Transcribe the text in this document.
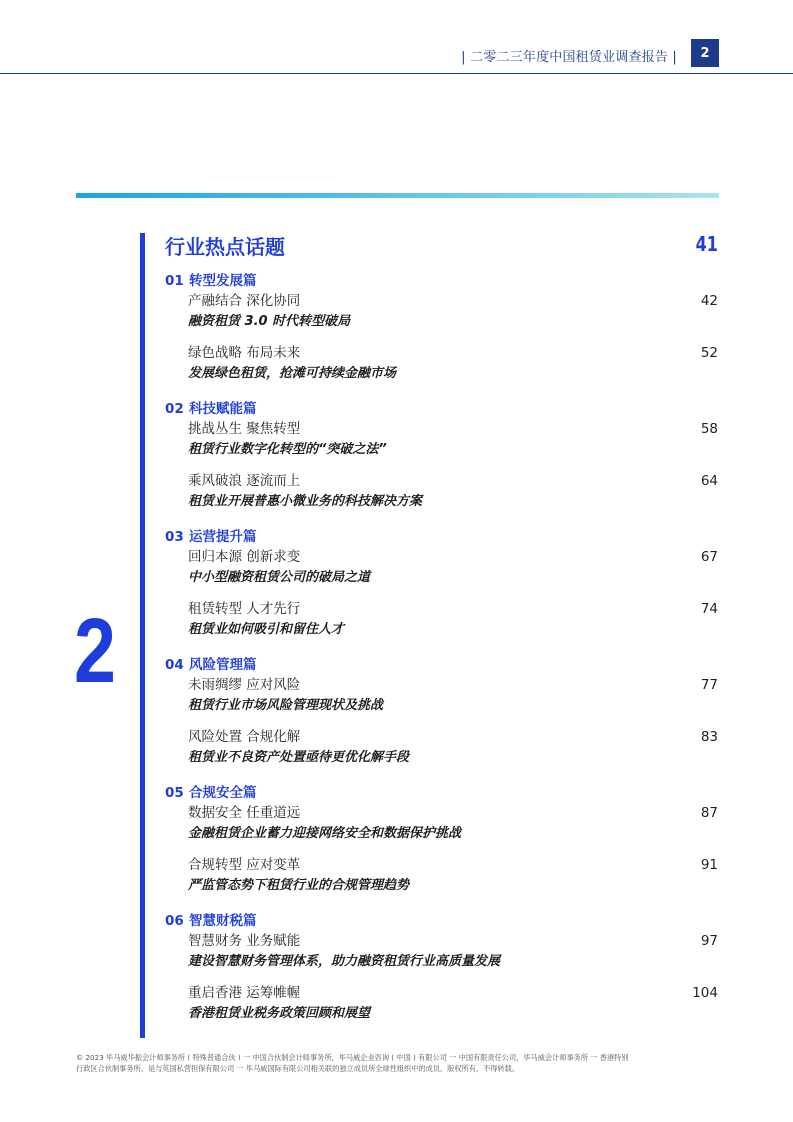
| 二零二三年度中国租赁业调查报告 |	2
2
行业热点话题	41
01 转型发展篇
产融结合 深化协同
融资租赁 3.0 时代转型破局
42
绿色战略 布局未来
发展绿色租赁，抢滩可持续金融市场
52
02 科技赋能篇
挑战丛生 聚焦转型
租赁行业数字化转型的“突破之法”
58
乘风破浪 逐流而上
租赁业开展普惠小微业务的科技解决方案
64
03 运营提升篇
回归本源 创新求变
中小型融资租赁公司的破局之道
67
租赁转型 人才先行
租赁业如何吸引和留住人才
74
04 风险管理篇
未雨绸缪 应对风险
租赁行业市场风险管理现状及挑战
77
风险处置 合规化解
租赁业不良资产处置亟待更优化解手段
83
05 合规安全篇
数据安全 任重道远
金融租赁企业蓄力迎接网络安全和数据保护挑战
87
合规转型 应对变革
严监管态势下租赁行业的合规管理趋势
91
06 智慧财税篇
智慧财务 业务赋能
建设智慧财务管理体系，助力融资租赁行业高质量发展
97
重启香港 运筹帷幄
香港租赁业税务政策回顾和展望
104
© 2023 毕马威华振会计师事务所 ( 特殊普通合伙 ) 一 中国合伙制会计师事务所，毕马威企业咨询 ( 中国 ) 有限公司 一 中国有限责任公司，毕马威会计师事务所 一 香港特别
行政区合伙制事务所，是与英国私营担保有限公司 一 毕马威国际有限公司相关联的独立成员所全球性组织中的成员。版权所有，不得转载。
